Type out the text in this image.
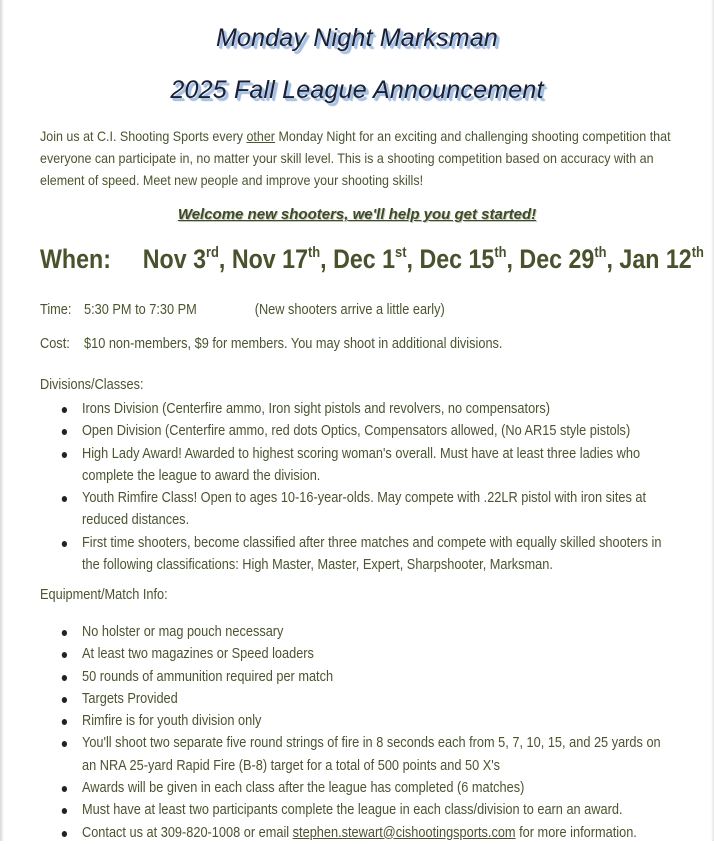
Monday Night Marksman
2025 Fall League Announcement
Join us at C.I. Shooting Sports every other Monday Night for an exciting and challenging shooting competition that everyone can participate in, no matter your skill level. This is a shooting competition based on accuracy with an element of speed. Meet new people and improve your shooting skills!
Welcome new shooters, we'll help you get started!
When: Nov 3rd, Nov 17th, Dec 1st, Dec 15th, Dec 29th, Jan 12th
Time: 5:30 PM to 7:30 PM	(New shooters arrive a little early)
Cost: $10 non-members, $9 for members. You may shoot in additional divisions.
Divisions/Classes:
Irons Division (Centerfire ammo, Iron sight pistols and revolvers, no compensators)
Open Division (Centerfire ammo, red dots Optics, Compensators allowed, (No AR15 style pistols)
High Lady Award! Awarded to highest scoring woman's overall. Must have at least three ladies who complete the league to award the division.
Youth Rimfire Class! Open to ages 10-16-year-olds. May compete with .22LR pistol with iron sites at reduced distances.
First time shooters, become classified after three matches and compete with equally skilled shooters in the following classifications: High Master, Master, Expert, Sharpshooter, Marksman.
Equipment/Match Info:
No holster or mag pouch necessary
At least two magazines or Speed loaders
50 rounds of ammunition required per match
Targets Provided
Rimfire is for youth division only
You'll shoot two separate five round strings of fire in 8 seconds each from 5, 7, 10, 15, and 25 yards on an NRA 25-yard Rapid Fire (B-8) target for a total of 500 points and 50 X's
Awards will be given in each class after the league has completed (6 matches)
Must have at least two participants complete the league in each class/division to earn an award.
Contact us at 309-820-1008 or email stephen.stewart@cishootingsports.com for more information.
